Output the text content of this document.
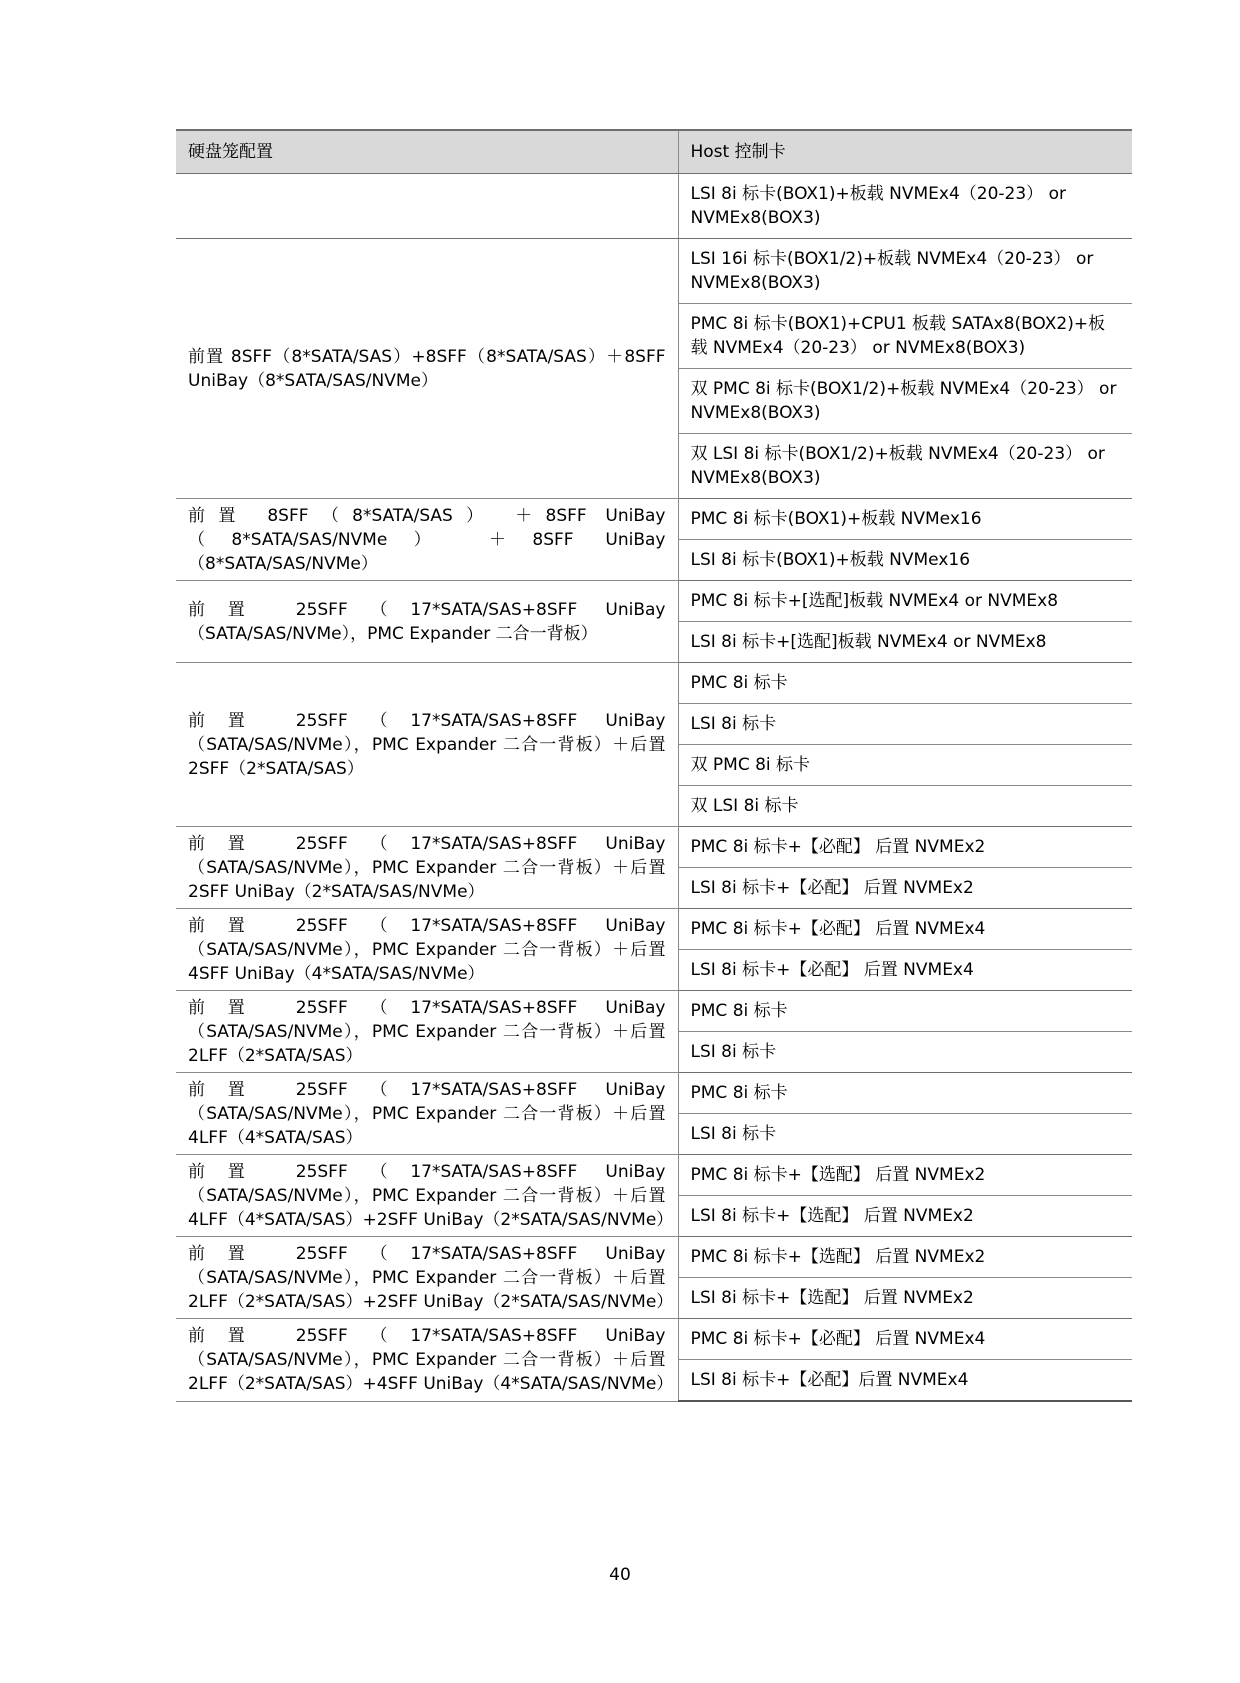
硬盘笼配置	Host 控制卡
	LSI 8i 标卡(BOX1)+板载 NVMEx4（20-23） or NVMEx8(BOX3)
前置 8SFF（8*SATA/SAS）+8SFF（8*SATA/SAS）＋8SFF UniBay（8*SATA/SAS/NVMe）	LSI 16i 标卡(BOX1/2)+板载 NVMEx4（20-23） or NVMEx8(BOX3)
	PMC 8i 标卡(BOX1)+CPU1 板载 SATAx8(BOX2)+板载 NVMEx4（20-23） or NVMEx8(BOX3)
	双 PMC 8i 标卡(BOX1/2)+板载 NVMEx4（20-23） or NVMEx8(BOX3)
	双 LSI 8i 标卡(BOX1/2)+板载 NVMEx4（20-23） or NVMEx8(BOX3)
前置 8SFF（8*SATA/SAS） ＋8SFF UniBay（8*SATA/SAS/NVMe） ＋8SFF UniBay（8*SATA/SAS/NVMe）	PMC 8i 标卡(BOX1)+板载 NVMex16
	LSI 8i 标卡(BOX1)+板载 NVMex16
前置 25SFF（17*SATA/SAS+8SFF UniBay（SATA/SAS/NVMe），PMC Expander 二合一背板）	PMC 8i 标卡+[选配]板载 NVMEx4 or NVMEx8
	LSI 8i 标卡+[选配]板载 NVMEx4 or NVMEx8
前置 25SFF（17*SATA/SAS+8SFF UniBay（SATA/SAS/NVMe），PMC Expander 二合一背板）＋后置 2SFF（2*SATA/SAS）	PMC 8i 标卡
	LSI 8i 标卡
	双 PMC 8i 标卡
	双 LSI 8i 标卡
前置 25SFF（17*SATA/SAS+8SFF UniBay（SATA/SAS/NVMe），PMC Expander 二合一背板）＋后置 2SFF UniBay（2*SATA/SAS/NVMe）	PMC 8i 标卡+【必配】 后置 NVMEx2
	LSI 8i 标卡+【必配】 后置 NVMEx2
前置 25SFF（17*SATA/SAS+8SFF UniBay（SATA/SAS/NVMe），PMC Expander 二合一背板）＋后置 4SFF UniBay（4*SATA/SAS/NVMe）	PMC 8i 标卡+【必配】 后置 NVMEx4
	LSI 8i 标卡+【必配】 后置 NVMEx4
前置 25SFF（17*SATA/SAS+8SFF UniBay（SATA/SAS/NVMe），PMC Expander 二合一背板）＋后置 2LFF（2*SATA/SAS）	PMC 8i 标卡
	LSI 8i 标卡
前置 25SFF（17*SATA/SAS+8SFF UniBay（SATA/SAS/NVMe），PMC Expander 二合一背板）＋后置 4LFF（4*SATA/SAS）	PMC 8i 标卡
	LSI 8i 标卡
前置 25SFF（17*SATA/SAS+8SFF UniBay（SATA/SAS/NVMe），PMC Expander 二合一背板）＋后置 4LFF（4*SATA/SAS）+2SFF UniBay（2*SATA/SAS/NVMe）	PMC 8i 标卡+【选配】 后置 NVMEx2
	LSI 8i 标卡+【选配】 后置 NVMEx2
前置 25SFF（17*SATA/SAS+8SFF UniBay（SATA/SAS/NVMe），PMC Expander 二合一背板）＋后置 2LFF（2*SATA/SAS）+2SFF UniBay（2*SATA/SAS/NVMe）	PMC 8i 标卡+【选配】 后置 NVMEx2
	LSI 8i 标卡+【选配】 后置 NVMEx2
前置 25SFF（17*SATA/SAS+8SFF UniBay（SATA/SAS/NVMe），PMC Expander 二合一背板）＋后置 2LFF（2*SATA/SAS）+4SFF UniBay（4*SATA/SAS/NVMe）	PMC 8i 标卡+【必配】 后置 NVMEx4
	LSI 8i 标卡+【必配】后置 NVMEx4
40
